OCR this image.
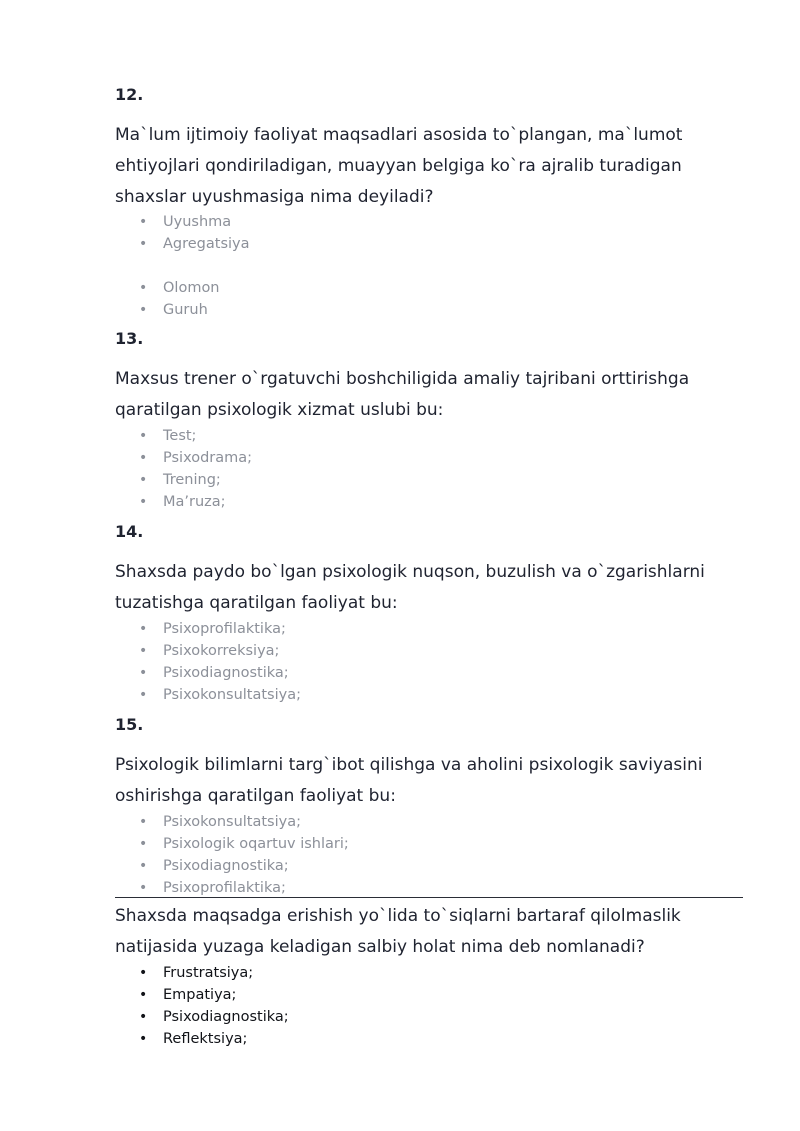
12.

Ma`lum ijtimoiy faoliyat maqsadlari asosida to`plangan, ma`lumot ehtiyojlari qondiriladigan, muayyan belgiga ko`ra ajralib turadigan shaxslar uyushmasiga nima deyiladi?

• Uyushma
• Agregatsiya
• Olomon
• Guruh

13.

Maxsus trener o`rgatuvchi boshchiligida amaliy tajribani orttirishga qaratilgan psixologik xizmat uslubi bu:

• Test;
• Psixodrama;
• Trening;
• Ma’ruza;

14.

Shaxsda paydo bo`lgan psixologik nuqson, buzulish va o`zgarishlarni tuzatishga qaratilgan faoliyat bu:

• Psixoprofilaktika;
• Psixokorreksiya;
• Psixodiagnostika;
• Psixokonsultatsiya;

15.

Psixologik bilimlarni targ`ibot qilishga va aholini psixologik saviyasini oshirishga qaratilgan faoliyat bu:

• Psixokonsultatsiya;
• Psixologik oqartuv ishlari;
• Psixodiagnostika;
• Psixoprofilaktika;

Shaxsda maqsadga erishish yo`lida to`siqlarni bartaraf qilolmaslik natijasida yuzaga keladigan salbiy holat nima deb nomlanadi?

• Frustratsiya;
• Empatiya;
• Psixodiagnostika;
• Reflektsiya;
